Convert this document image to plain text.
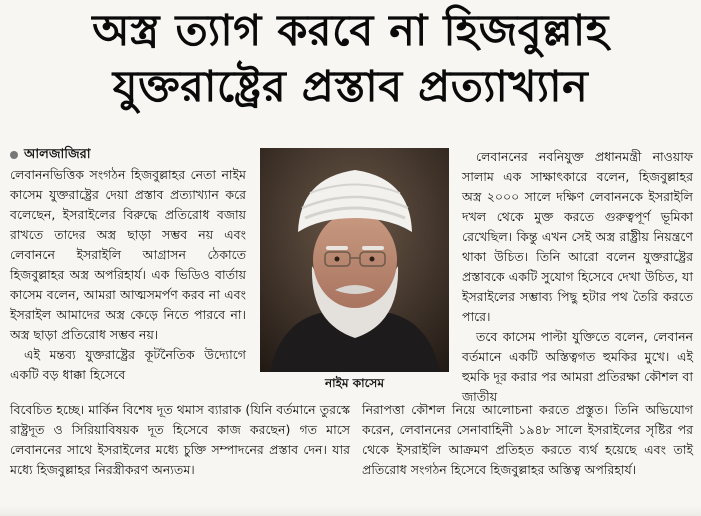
অস্ত্র ত্যাগ করবে না হিজবুল্লাহ
যুক্তরাষ্ট্রের প্রস্তাব প্রত্যাখ্যান
আলজাজিরা

লেবাননভিত্তিক সংগঠন হিজবুল্লাহর নেতা নাইম কাসেম যুক্তরাষ্ট্রের দেয়া প্রস্তাব প্রত্যাখ্যান করে বলেছেন, ইসরাইলের বিরুদ্ধে প্রতিরোধ বজায় রাখতে তাদের অস্ত্র ছাড়া সম্ভব নয় এবং লেবাননে ইসরাইলি আগ্রাসন ঠেকাতে হিজবুল্লাহর অস্ত্র অপরিহার্য। এক ভিডিও বার্তায় কাসেম বলেন, আমরা আত্মসমর্পণ করব না এবং ইসরাইল আমাদের অস্ত্র কেড়ে নিতে পারবে না। অস্ত্র ছাড়া প্রতিরোধ সম্ভব নয়।

এই মন্তব্য যুক্তরাষ্ট্রের কূটনৈতিক উদ্যোগে একটি বড় ধাক্কা হিসেবে

নাইম কাসেম

লেবাননের নবনিযুক্ত প্রধানমন্ত্রী নাওয়াফ সালাম এক সাক্ষাৎকারে বলেন, হিজবুল্লাহর অস্ত্র ২০০০ সালে দক্ষিণ লেবাননকে ইসরাইলি দখল থেকে মুক্ত করতে গুরুত্বপূর্ণ ভূমিকা রেখেছিল। কিন্তু এখন সেই অস্ত্র রাষ্ট্রীয় নিয়ন্ত্রণে থাকা উচিত। তিনি আরো বলেন যুক্তরাষ্ট্রের প্রস্তাবকে একটি সুযোগ হিসেবে দেখা উচিত, যা ইসরাইলের সম্ভাব্য পিছু হটার পথ তৈরি করতে পারে।

তবে কাসেম পাল্টা যুক্তিতে বলেন, লেবানন বর্তমানে একটি অস্তিত্বগত হুমকির মুখে। এই হুমকি দূর করার পর আমরা প্রতিরক্ষা কৌশল বা জাতীয়

বিবেচিত হচ্ছে। মার্কিন বিশেষ দূত থমাস ব্যারাক (যিনি বর্তমানে তুরস্কে রাষ্ট্রদূত ও সিরিয়াবিষয়ক দূত হিসেবে কাজ করছেন) গত মাসে লেবাননের সাথে ইসরাইলের মধ্যে চুক্তি সম্পাদনের প্রস্তাব দেন। যার মধ্যে হিজবুল্লাহর নিরস্ত্রীকরণ অন্যতম।

নিরাপত্তা কৌশল নিয়ে আলোচনা করতে প্রস্তুত। তিনি অভিযোগ করেন, লেবাননের সেনাবাহিনী ১৯৪৮ সালে ইসরাইলের সৃষ্টির পর থেকে ইসরাইলি আক্রমণ প্রতিহত করতে ব্যর্থ হয়েছে এবং তাই প্রতিরোধ সংগঠন হিসেবে হিজবুল্লাহর অস্তিত্ব অপরিহার্য।
